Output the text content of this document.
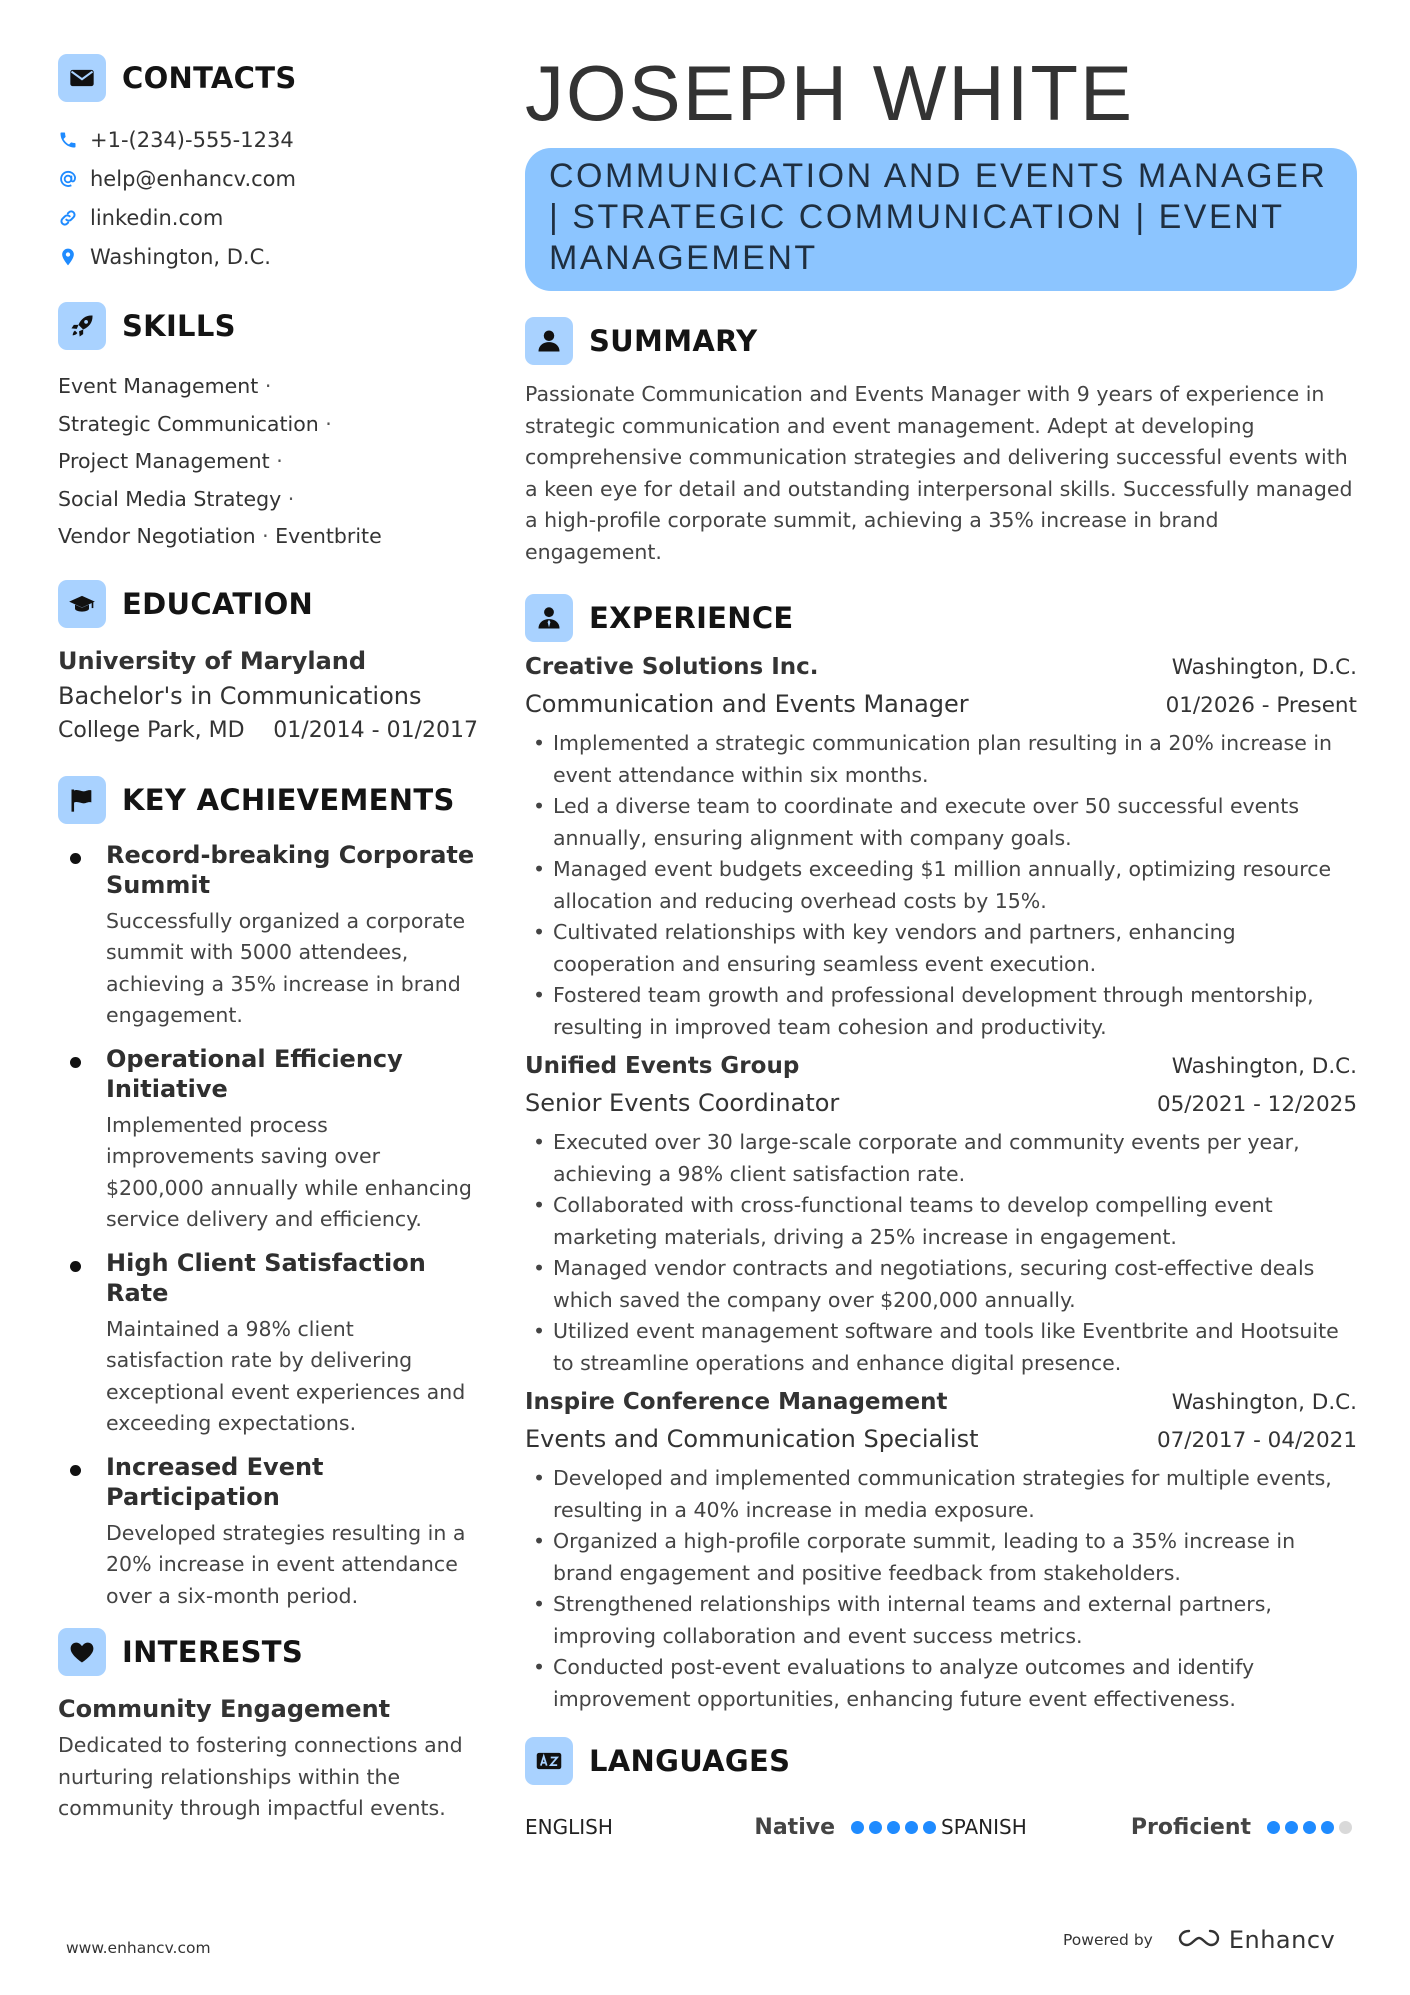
CONTACTS
+1-(234)-555-1234
help@enhancv.com
linkedin.com
Washington, D.C.
SKILLS
Event Management ·
Strategic Communication ·
Project Management ·
Social Media Strategy ·
Vendor Negotiation · Eventbrite
EDUCATION
University of Maryland
Bachelor's in Communications
College Park, MD 01/2014 - 01/2017
KEY ACHIEVEMENTS
Record-breaking Corporate Summit
Successfully organized a corporate summit with 5000 attendees, achieving a 35% increase in brand engagement.
Operational Efficiency Initiative
Implemented process improvements saving over $200,000 annually while enhancing service delivery and efficiency.
High Client Satisfaction Rate
Maintained a 98% client satisfaction rate by delivering exceptional event experiences and exceeding expectations.
Increased Event Participation
Developed strategies resulting in a 20% increase in event attendance over a six-month period.
INTERESTS
Community Engagement
Dedicated to fostering connections and nurturing relationships within the community through impactful events.
JOSEPH WHITE
COMMUNICATION AND EVENTS MANAGER | STRATEGIC COMMUNICATION | EVENT MANAGEMENT
SUMMARY
Passionate Communication and Events Manager with 9 years of experience in strategic communication and event management. Adept at developing comprehensive communication strategies and delivering successful events with a keen eye for detail and outstanding interpersonal skills. Successfully managed a high-profile corporate summit, achieving a 35% increase in brand engagement.
EXPERIENCE
Creative Solutions Inc.	Washington, D.C.
Communication and Events Manager	01/2026 - Present
• Implemented a strategic communication plan resulting in a 20% increase in event attendance within six months.
• Led a diverse team to coordinate and execute over 50 successful events annually, ensuring alignment with company goals.
• Managed event budgets exceeding $1 million annually, optimizing resource allocation and reducing overhead costs by 15%.
• Cultivated relationships with key vendors and partners, enhancing cooperation and ensuring seamless event execution.
• Fostered team growth and professional development through mentorship, resulting in improved team cohesion and productivity.
Unified Events Group	Washington, D.C.
Senior Events Coordinator	05/2021 - 12/2025
• Executed over 30 large-scale corporate and community events per year, achieving a 98% client satisfaction rate.
• Collaborated with cross-functional teams to develop compelling event marketing materials, driving a 25% increase in engagement.
• Managed vendor contracts and negotiations, securing cost-effective deals which saved the company over $200,000 annually.
• Utilized event management software and tools like Eventbrite and Hootsuite to streamline operations and enhance digital presence.
Inspire Conference Management	Washington, D.C.
Events and Communication Specialist	07/2017 - 04/2021
• Developed and implemented communication strategies for multiple events, resulting in a 40% increase in media exposure.
• Organized a high-profile corporate summit, leading to a 35% increase in brand engagement and positive feedback from stakeholders.
• Strengthened relationships with internal teams and external partners, improving collaboration and event success metrics.
• Conducted post-event evaluations to analyze outcomes and identify improvement opportunities, enhancing future event effectiveness.
LANGUAGES
ENGLISH	Native	SPANISH	Proficient
www.enhancv.com	Powered by	Enhancv
